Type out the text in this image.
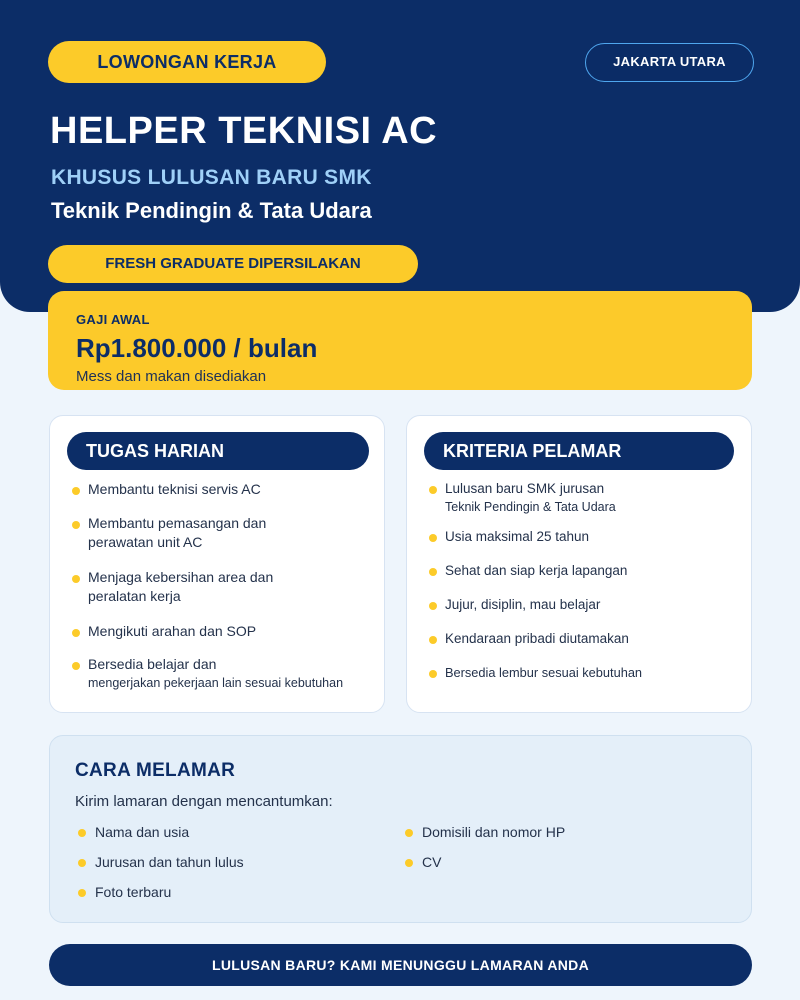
LOWONGAN KERJA	JAKARTA UTARA
HELPER TEKNISI AC
KHUSUS LULUSAN BARU SMK
Teknik Pendingin & Tata Udara
FRESH GRADUATE DIPERSILAKAN
GAJI AWAL
Rp1.800.000 / bulan
Mess dan makan disediakan
TUGAS HARIAN
Membantu teknisi servis AC
Membantu pemasangan dan
perawatan unit AC
Menjaga kebersihan area dan
peralatan kerja
Mengikuti arahan dan SOP
Bersedia belajar dan
mengerjakan pekerjaan lain sesuai kebutuhan
KRITERIA PELAMAR
Lulusan baru SMK jurusan
Teknik Pendingin & Tata Udara
Usia maksimal 25 tahun
Sehat dan siap kerja lapangan
Jujur, disiplin, mau belajar
Kendaraan pribadi diutamakan
Bersedia lembur sesuai kebutuhan
CARA MELAMAR
Kirim lamaran dengan mencantumkan:
Nama dan usia	Domisili dan nomor HP
Jurusan dan tahun lulus	CV
Foto terbaru
LULUSAN BARU? KAMI MENUNGGU LAMARAN ANDA
